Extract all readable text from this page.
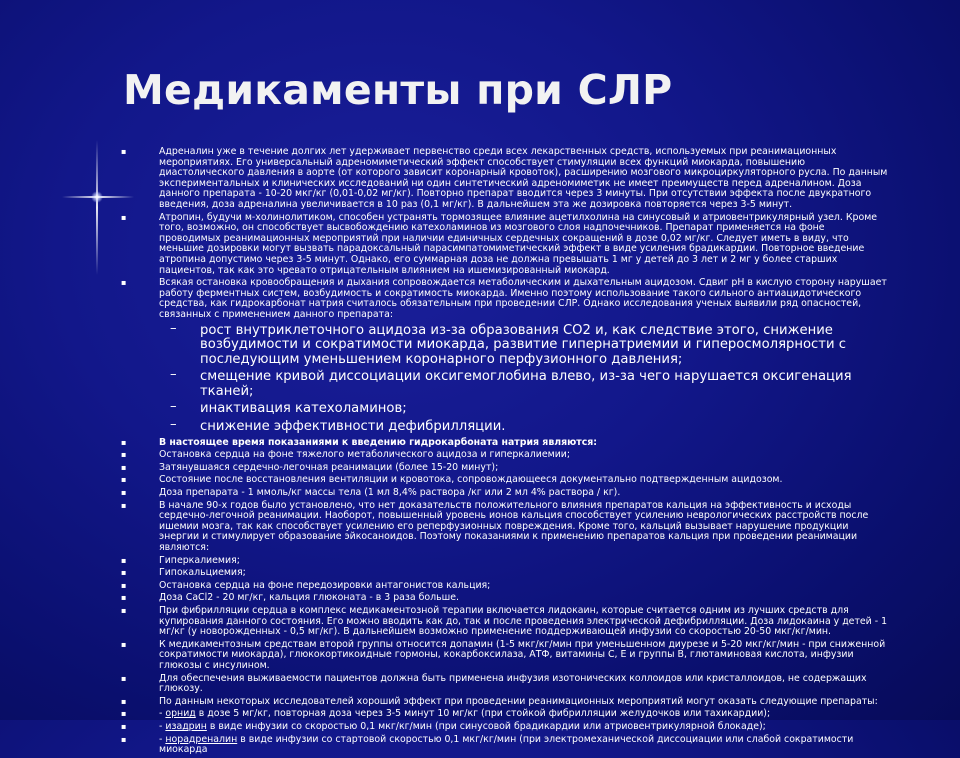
Медикаменты при СЛР
▪	Адреналин уже в течение долгих лет удерживает первенство среди всех лекарственных средств, используемых при реанимационных мероприятиях. Его универсальный адреномиметический эффект способствует стимуляции всех функций миокарда, повышению диастолического давления в аорте (от которого зависит коронарный кровоток), расширению мозгового микроциркуляторного русла. По данным экспериментальных и клинических исследований ни один синтетический адреномиметик не имеет преимуществ перед адреналином. Доза данного препарата - 10-20 мкг/кг (0,01-0,02 мг/кг). Повторно препарат вводится через 3 минуты. При отсутствии эффекта после двукратного введения, доза адреналина увеличивается в 10 раз (0,1 мг/кг). В дальнейшем эта же дозировка повторяется через 3-5 минут.
▪	Атропин, будучи м-холинолитиком, способен устранять тормозящее влияние ацетилхолина на синусовый и атриовентрикулярный узел. Кроме того, возможно, он способствует высвобождению катехоламинов из мозгового слоя надпочечников. Препарат применяется на фоне проводимых реанимационных мероприятий при наличии единичных сердечных сокращений в дозе 0,02 мг/кг. Следует иметь в виду, что меньшие дозировки могут вызвать парадоксальный парасимпатомиметический эффект в виде усиления брадикардии. Повторное введение атропина допустимо через 3-5 минут. Однако, его суммарная доза не должна превышать 1 мг у детей до 3 лет и 2 мг у более старших пациентов, так как это чревато отрицательным влиянием на ишемизированный миокард.
▪	Всякая остановка кровообращения и дыхания сопровождается метаболическим и дыхательным ацидозом. Сдвиг pH в кислую сторону нарушает работу ферментных систем, возбудимость и сократимость миокарда. Именно поэтому использование такого сильного антиацидотического средства, как гидрокарбонат натрия считалось обязательным при проведении СЛР. Однако исследования ученых выявили ряд опасностей, связанных с применением данного препарата:
– рост внутриклеточного ацидоза из-за образования СО2 и, как следствие этого, снижение возбудимости и сократимости миокарда, развитие гипернатриемии и гиперосмолярности с последующим уменьшением коронарного перфузионного давления;
– смещение кривой диссоциации оксигемоглобина влево, из-за чего нарушается оксигенация тканей;
– инактивация катехоламинов;
– снижение эффективности дефибрилляции.
▪	В настоящее время показаниями к введению гидрокарбоната натрия являются:
▪	Остановка сердца на фоне тяжелого метаболического ацидоза и гиперкалиемии;
▪	Затянувшаяся сердечно-легочная реанимации (более 15-20 минут);
▪	Состояние после восстановления вентиляции и кровотока, сопровождающееся документально подтвержденным ацидозом.
▪	Доза препарата - 1 ммоль/кг массы тела (1 мл 8,4% раствора /кг или 2 мл 4% раствора / кг).
▪	В начале 90-х годов было установлено, что нет доказательств положительного влияния препаратов кальция на эффективность и исходы сердечно-легочной реанимации. Наоборот, повышенный уровень ионов кальция способствует усилению неврологических расстройств после ишемии мозга, так как способствует усилению его реперфузионных повреждения. Кроме того, кальций вызывает нарушение продукции энергии и стимулирует образование эйкосаноидов. Поэтому показаниями к применению препаратов кальция при проведении реанимации являются:
▪	Гиперкалиемия;
▪	Гипокальциемия;
▪	Остановка сердца на фоне передозировки антагонистов кальция;
▪	Доза CaCl2 - 20 мг/кг, кальция глюконата - в 3 раза больше.
▪	При фибрилляции сердца в комплекс медикаментозной терапии включается лидокаин, которые считается одним из лучших средств для купирования данного состояния. Его можно вводить как до, так и после проведения электрической дефибрилляции. Доза лидокаина у детей - 1 мг/кг (у новорожденных - 0,5 мг/кг). В дальнейшем возможно применение поддерживающей инфузии со скоростью 20-50 мкг/кг/мин.
▪	К медикаментозным средствам второй группы относится допамин (1-5 мкг/кг/мин при уменьшенном диурезе и 5-20 мкг/кг/мин - при сниженной сократимости миокарда), глюкокортикоидные гормоны, кокарбоксилаза, АТФ, витамины С, Е и группы В, глютаминовая кислота, инфузии глюкозы с инсулином.
▪	Для обеспечения выживаемости пациентов должна быть применена инфузия изотонических коллоидов или кристаллоидов, не содержащих глюкозу.
▪	По данным некоторых исследователей хороший эффект при проведении реанимационных мероприятий могут оказать следующие препараты:
▪	- орнид в дозе 5 мг/кг, повторная доза через 3-5 минут 10 мг/кг (при стойкой фибрилляции желудочков или тахикардии);
▪	- изадрин в виде инфузии со скоростью 0,1 мкг/кг/мин (при синусовой брадикардии или атриовентрикулярной блокаде);
▪	- норадреналин в виде инфузии со стартовой скоростью 0,1 мкг/кг/мин (при электромеханической диссоциации или слабой сократимости миокарда
